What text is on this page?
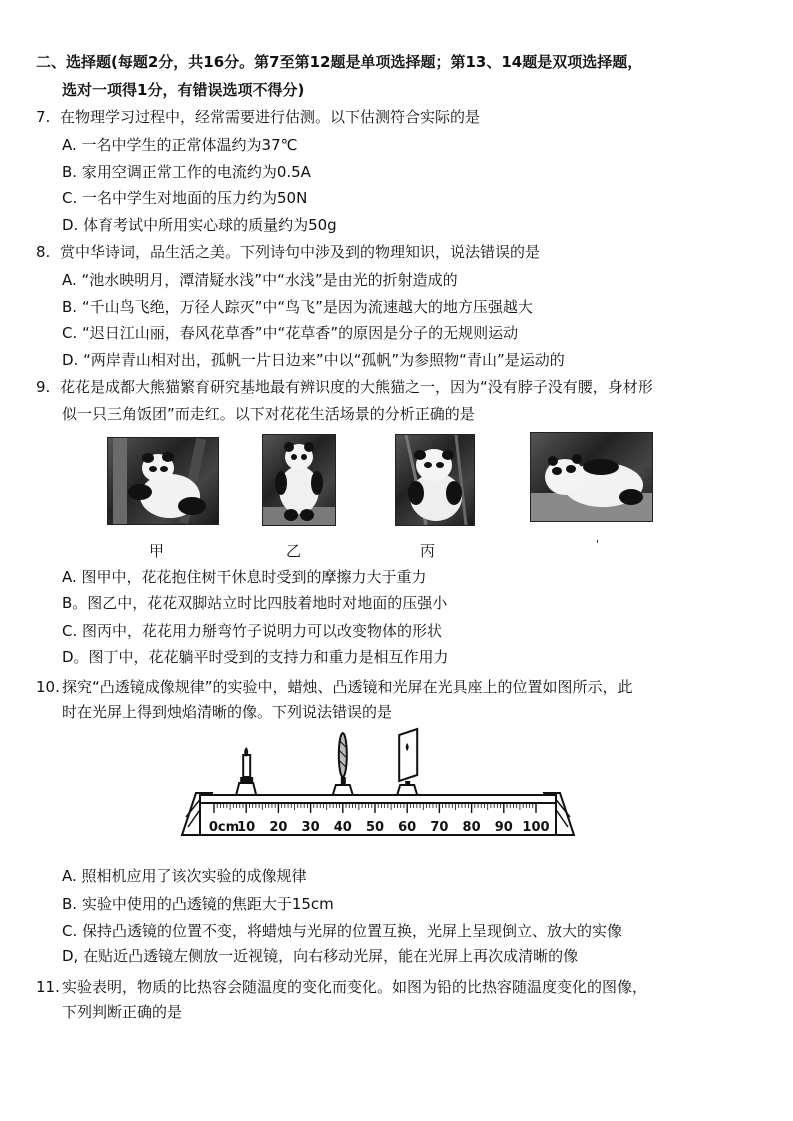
二、选择题(每题2分，共16分。第7至第12题是单项选择题；第13、14题是双项选择题，
选对一项得1分，有错误选项不得分)
7. 在物理学习过程中，经常需要进行估测。以下估测符合实际的是
A. 一名中学生的正常体温约为37℃
B. 家用空调正常工作的电流约为0.5A
C. 一名中学生对地面的压力约为50N
D. 体育考试中所用实心球的质量约为50g
8. 赏中华诗词，品生活之美。下列诗句中涉及到的物理知识，说法错误的是
A. “池水映明月，潭清疑水浅”中“水浅”是由光的折射造成的
B. “千山鸟飞绝，万径人踪灭”中“鸟飞”是因为流速越大的地方压强越大
C. “迟日江山丽，春风花草香”中“花草香”的原因是分子的无规则运动
D. “两岸青山相对出，孤帆一片日边来”中以“孤帆”为参照物“青山”是运动的
9. 花花是成都大熊猫繁育研究基地最有辨识度的大熊猫之一，因为“没有脖子没有腰，身材形
似一只三角饭团”而走红。以下对花花生活场景的分析正确的是
甲	乙	丙	'
A. 图甲中，花花抱住树干休息时受到的摩擦力大于重力
B。图乙中，花花双脚站立时比四肢着地时对地面的压强小
C. 图丙中，花花用力掰弯竹子说明力可以改变物体的形状
D。图丁中，花花躺平时受到的支持力和重力是相互作用力
10. 探究“凸透镜成像规律”的实验中，蜡烛、凸透镜和光屏在光具座上的位置如图所示，此
时在光屏上得到烛焰清晰的像。下列说法错误的是
0cm
10 20 30 40 50 60 70 80 90 100
A. 照相机应用了该次实验的成像规律
B. 实验中使用的凸透镜的焦距大于15cm
C. 保持凸透镜的位置不变，将蜡烛与光屏的位置互换，光屏上呈现倒立、放大的实像
D, 在贴近凸透镜左侧放一近视镜，向右移动光屏，能在光屏上再次成清晰的像
11. 实验表明，物质的比热容会随温度的变化而变化。如图为铅的比热容随温度变化的图像，
下列判断正确的是
